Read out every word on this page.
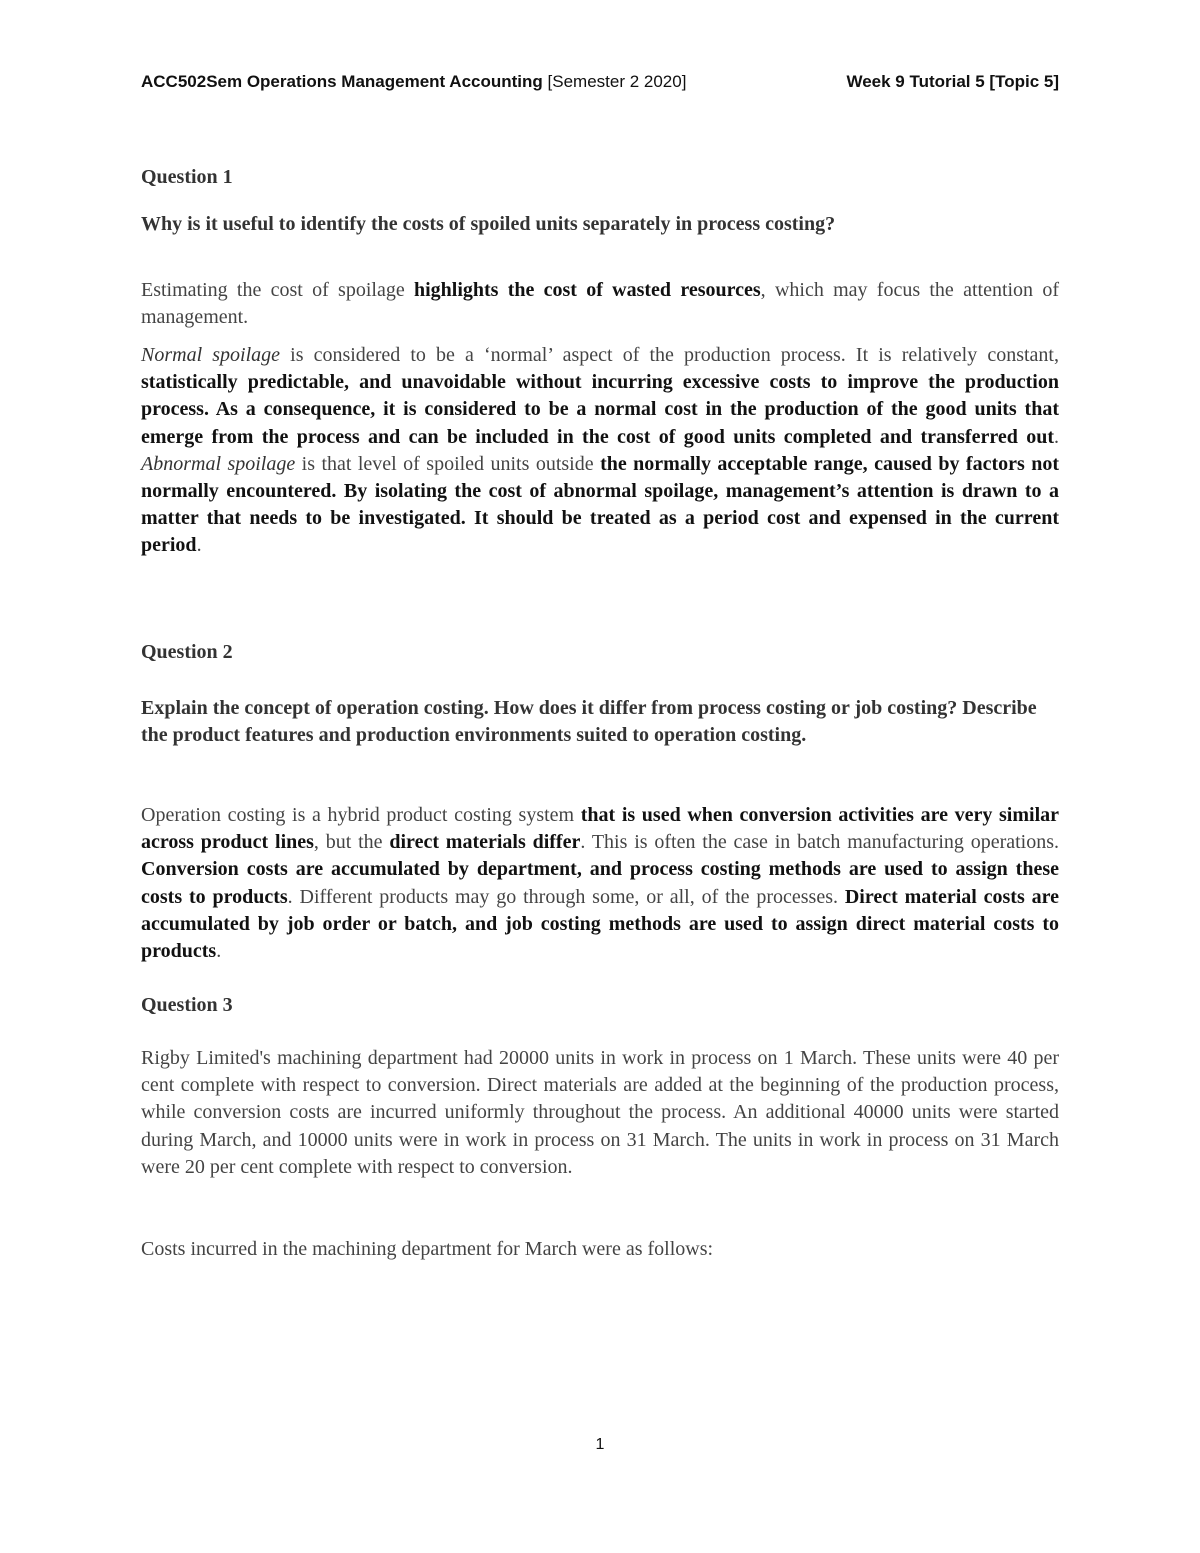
ACC502Sem Operations Management Accounting [Semester 2 2020]	Week 9 Tutorial 5 [Topic 5]
Question 1
Why is it useful to identify the costs of spoiled units separately in process costing?
Estimating the cost of spoilage highlights the cost of wasted resources, which may focus the attention of management.
Normal spoilage is considered to be a ‘normal’ aspect of the production process. It is relatively constant, statistically predictable, and unavoidable without incurring excessive costs to improve the production process. As a consequence, it is considered to be a normal cost in the production of the good units that emerge from the process and can be included in the cost of good units completed and transferred out. Abnormal spoilage is that level of spoiled units outside the normally acceptable range, caused by factors not normally encountered. By isolating the cost of abnormal spoilage, management’s attention is drawn to a matter that needs to be investigated. It should be treated as a period cost and expensed in the current period.
Question 2
Explain the concept of operation costing. How does it differ from process costing or job costing? Describe the product features and production environments suited to operation costing.
Operation costing is a hybrid product costing system that is used when conversion activities are very similar across product lines, but the direct materials differ. This is often the case in batch manufacturing operations. Conversion costs are accumulated by department, and process costing methods are used to assign these costs to products. Different products may go through some, or all, of the processes. Direct material costs are accumulated by job order or batch, and job costing methods are used to assign direct material costs to products.
Question 3
Rigby Limited's machining department had 20000 units in work in process on 1 March. These units were 40 per cent complete with respect to conversion. Direct materials are added at the beginning of the production process, while conversion costs are incurred uniformly throughout the process. An additional 40000 units were started during March, and 10000 units were in work in process on 31 March. The units in work in process on 31 March were 20 per cent complete with respect to conversion.
Costs incurred in the machining department for March were as follows:
1
